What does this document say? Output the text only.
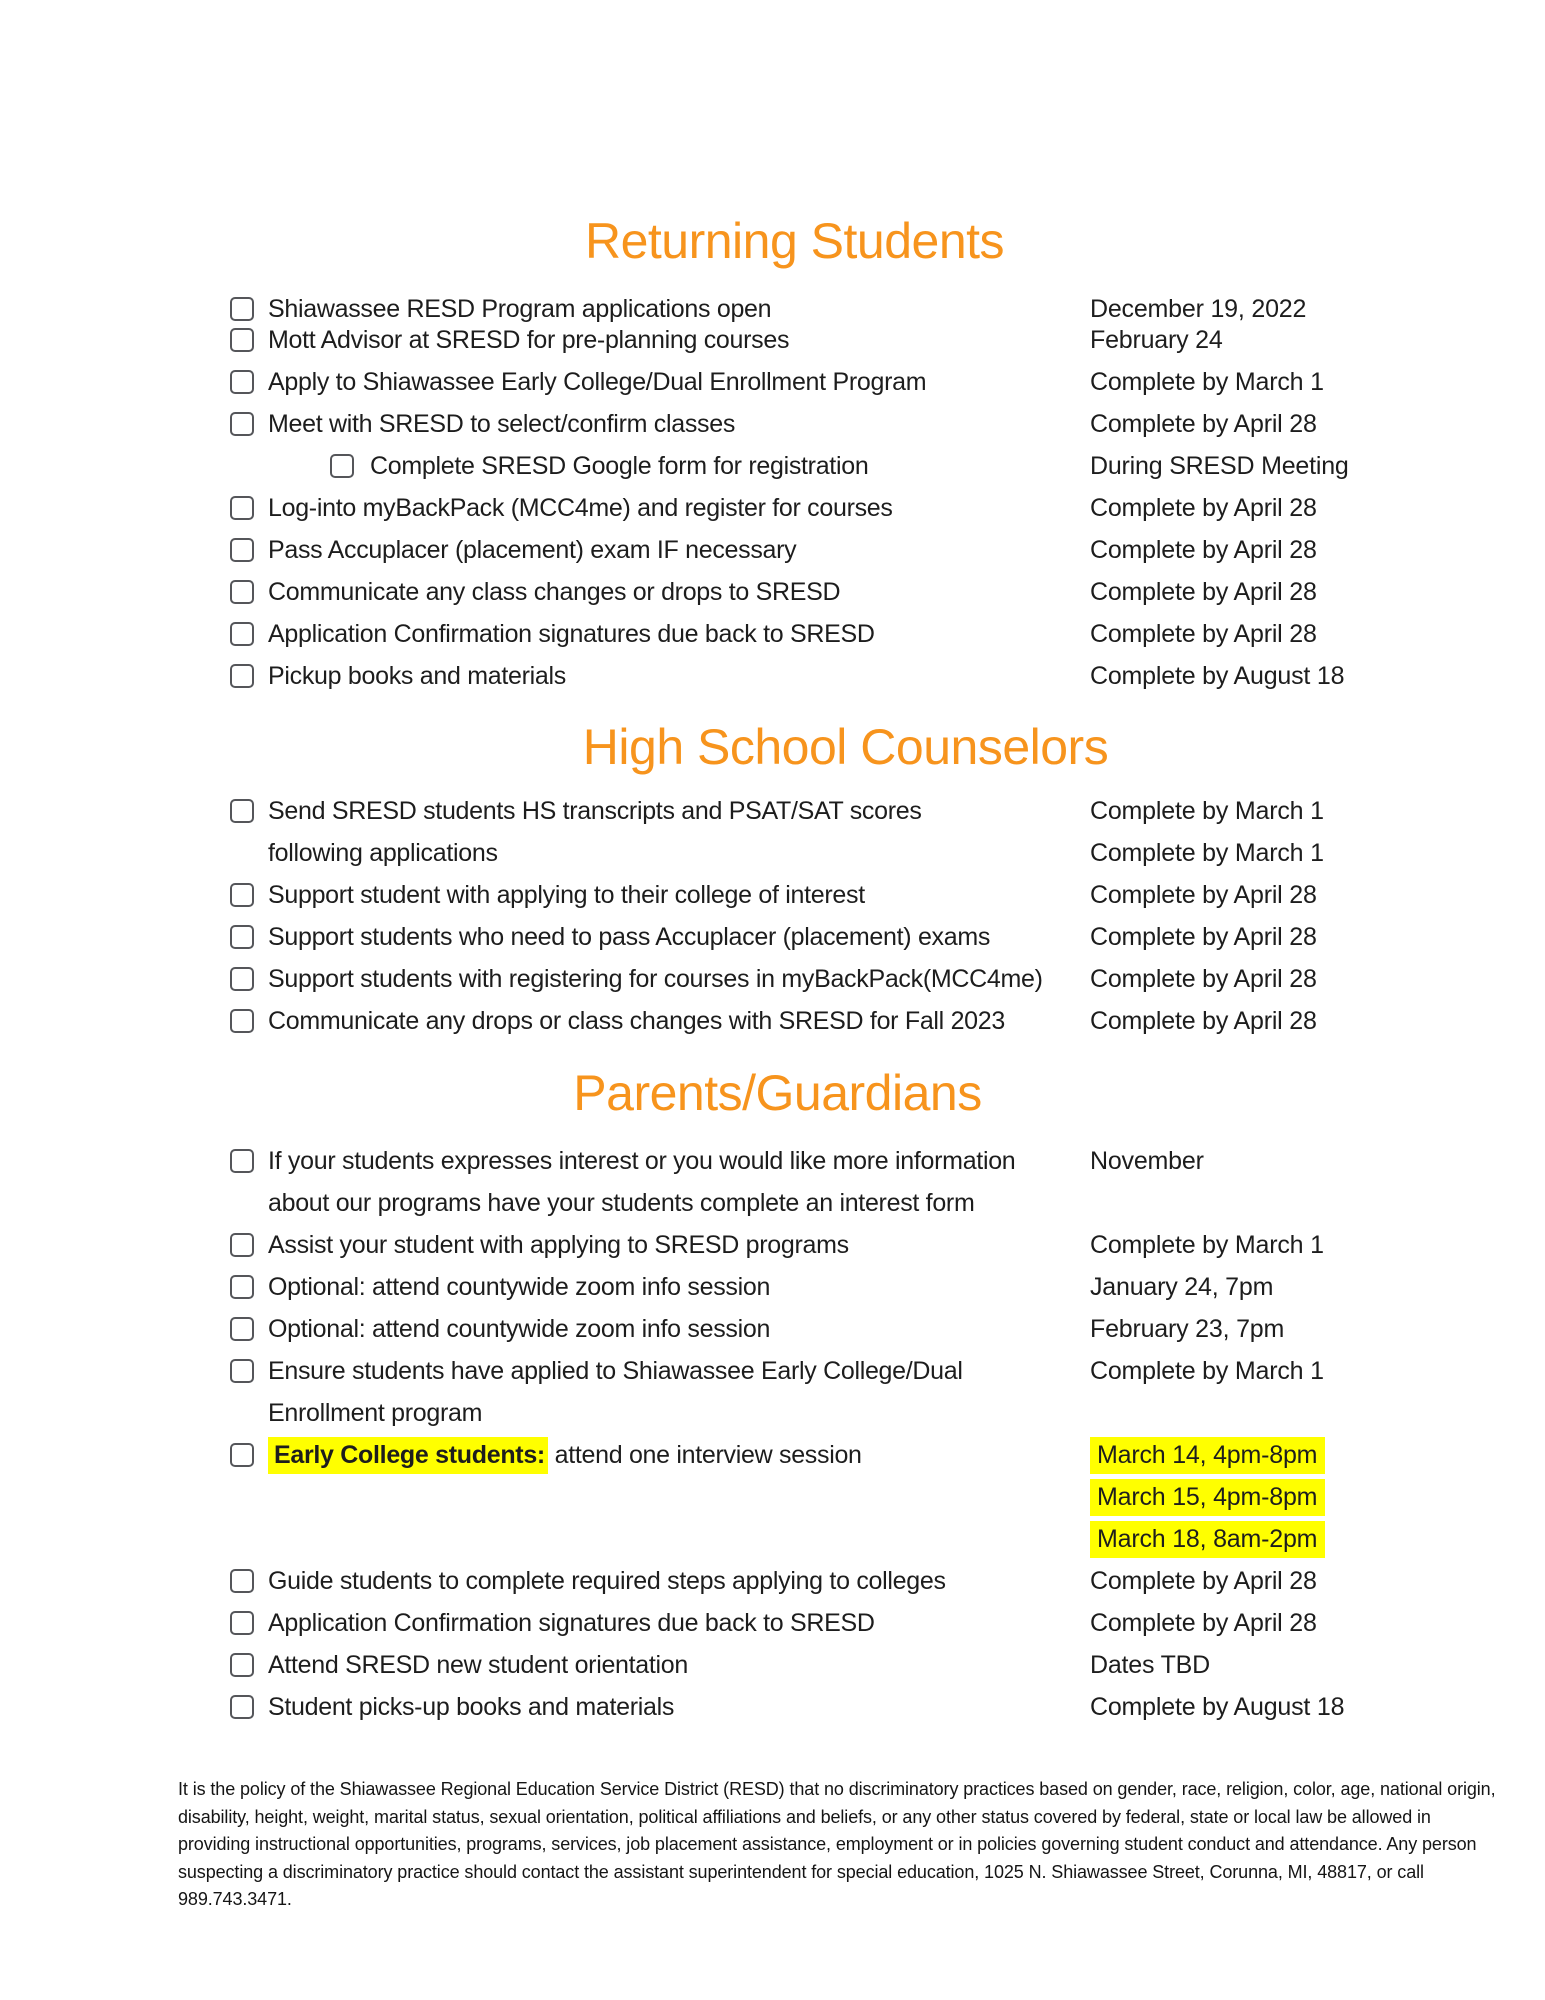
Returning Students
Shiawassee RESD Program applications open	December 19, 2022
Mott Advisor at SRESD for pre-planning courses	February 24
Apply to Shiawassee Early College/Dual Enrollment Program	Complete by March 1
Meet with SRESD to select/confirm classes	Complete by April 28
Complete SRESD Google form for registration	During SRESD Meeting
Log-into myBackPack (MCC4me) and register for courses	Complete by April 28
Pass Accuplacer (placement) exam IF necessary	Complete by April 28
Communicate any class changes or drops to SRESD	Complete by April 28
Application Confirmation signatures due back to SRESD	Complete by April 28
Pickup books and materials	Complete by August 18
High School Counselors
Send SRESD students HS transcripts and PSAT/SAT scores	Complete by March 1
following applications	Complete by March 1
Support student with applying to their college of interest	Complete by April 28
Support students who need to pass Accuplacer (placement) exams	Complete by April 28
Support students with registering for courses in myBackPack(MCC4me) Complete by April 28
Communicate any drops or class changes with SRESD for Fall 2023	Complete by April 28
Parents/Guardians
If your students expresses interest or you would like more information	November
about our programs have your students complete an interest form
Assist your student with applying to SRESD programs	Complete by March 1
Optional: attend countywide zoom info session	January 24, 7pm
Optional: attend countywide zoom info session	February 23, 7pm
Ensure students have applied to Shiawassee Early College/Dual	Complete by March 1
Enrollment program
Early College students: attend one interview session	March 14, 4pm-8pm
March 15, 4pm-8pm
March 18, 8am-2pm
Guide students to complete required steps applying to colleges	Complete by April 28
Application Confirmation signatures due back to SRESD	Complete by April 28
Attend SRESD new student orientation	Dates TBD
Student picks-up books and materials	Complete by August 18
It is the policy of the Shiawassee Regional Education Service District (RESD) that no discriminatory practices based on gender, race, religion, color, age, national origin,
disability, height, weight, marital status, sexual orientation, political affiliations and beliefs, or any other status covered by federal, state or local law be allowed in
providing instructional opportunities, programs, services, job placement assistance, employment or in policies governing student conduct and attendance. Any person
suspecting a discriminatory practice should contact the assistant superintendent for special education, 1025 N. Shiawassee Street, Corunna, MI, 48817, or call
989.743.3471.
